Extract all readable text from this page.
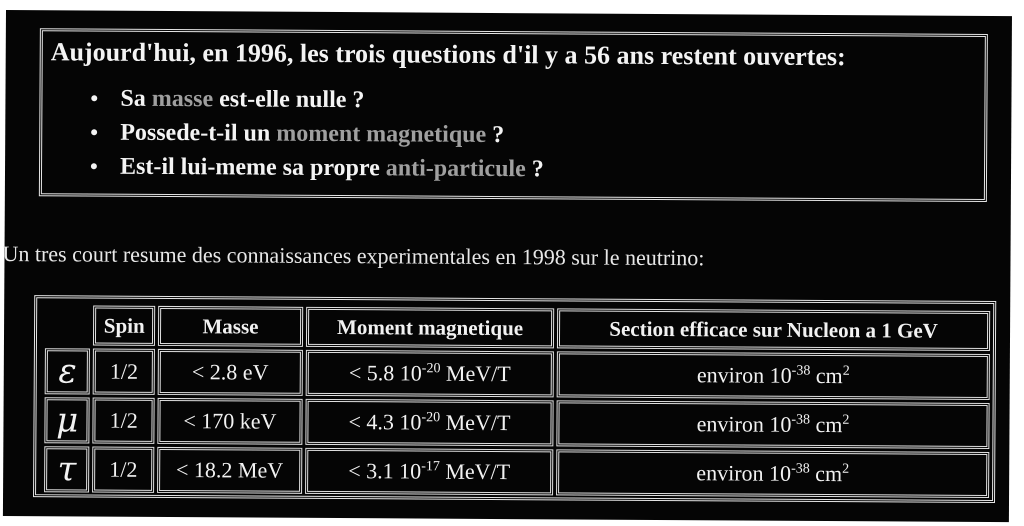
Aujourd'hui, en 1996, les trois questions d'il y a 56 ans restent ouvertes:
• Sa masse est-elle nulle ?
• Possede-t-il un moment magnetique ?
• Est-il lui-meme sa propre anti-particule ?
Un tres court resume des connaissances experimentales en 1998 sur le neutrino:
	Spin	Masse	Moment magnetique	Section efficace sur Nucleon a 1 GeV
ε	1/2	< 2.8 eV	< 5.8 $10^{-20}$ MeV/T	environ $10^{-38}$ $cm^2$
μ	1/2	< 170 keV	< 4.3 $10^{-20}$ MeV/T	environ $10^{-38}$ $cm^2$
τ	1/2	< 18.2 MeV	< 3.1 $10^{-17}$ MeV/T	environ $10^{-38}$ $cm^2$
